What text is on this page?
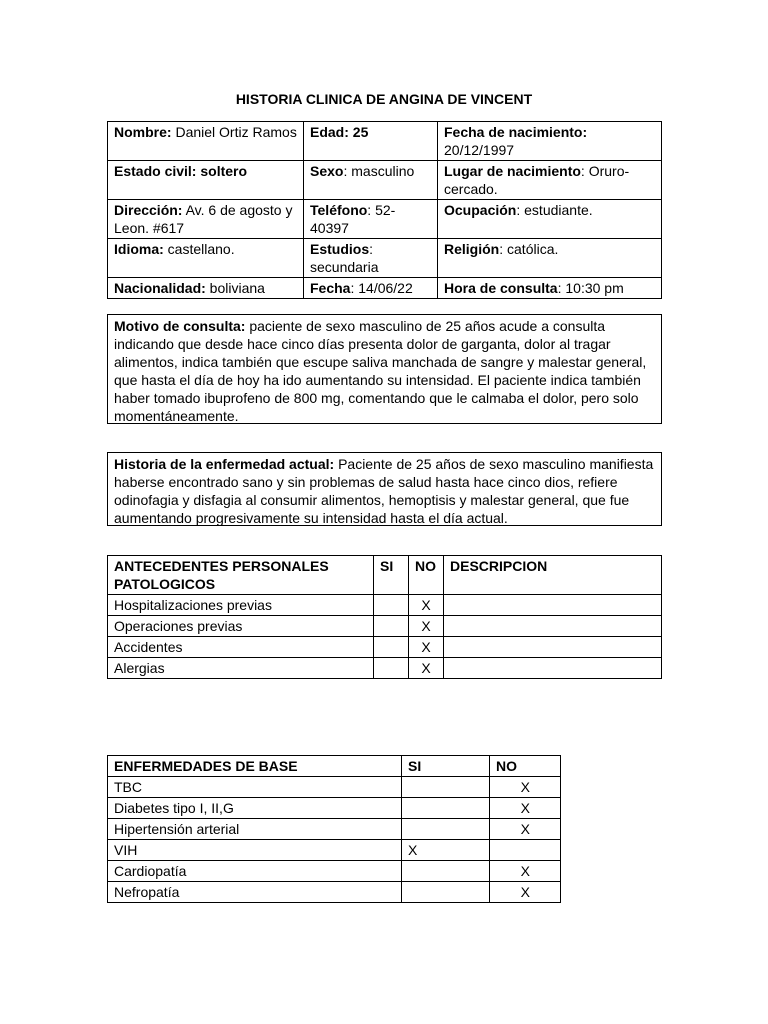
HISTORIA CLINICA DE ANGINA DE VINCENT
Nombre: Daniel Ortiz Ramos	Edad: 25	Fecha de nacimiento: 20/12/1997
Estado civil: soltero	Sexo: masculino	Lugar de nacimiento: Oruro-cercado.
Dirección: Av. 6 de agosto y Leon. #617	Teléfono: 52-40397	Ocupación: estudiante.
Idioma: castellano.	Estudios: secundaria	Religión: católica.
Nacionalidad: boliviana	Fecha: 14/06/22	Hora de consulta: 10:30 pm
Motivo de consulta: paciente de sexo masculino de 25 años acude a consulta indicando que desde hace cinco días presenta dolor de garganta, dolor al tragar alimentos, indica también que escupe saliva manchada de sangre y malestar general, que hasta el día de hoy ha ido aumentando su intensidad. El paciente indica también haber tomado ibuprofeno de 800 mg, comentando que le calmaba el dolor, pero solo momentáneamente.
Historia de la enfermedad actual: Paciente de 25 años de sexo masculino manifiesta haberse encontrado sano y sin problemas de salud hasta hace cinco dios, refiere odinofagia y disfagia al consumir alimentos, hemoptisis y malestar general, que fue aumentando progresivamente su intensidad hasta el día actual.
ANTECEDENTES PERSONALES PATOLOGICOS	SI	NO	DESCRIPCION
Hospitalizaciones previas		X	
Operaciones previas		X	
Accidentes		X	
Alergias		X	
ENFERMEDADES DE BASE	SI	NO
TBC		X
Diabetes tipo I, II,G		X
Hipertensión arterial		X
VIH	X	
Cardiopatía		X
Nefropatía		X
